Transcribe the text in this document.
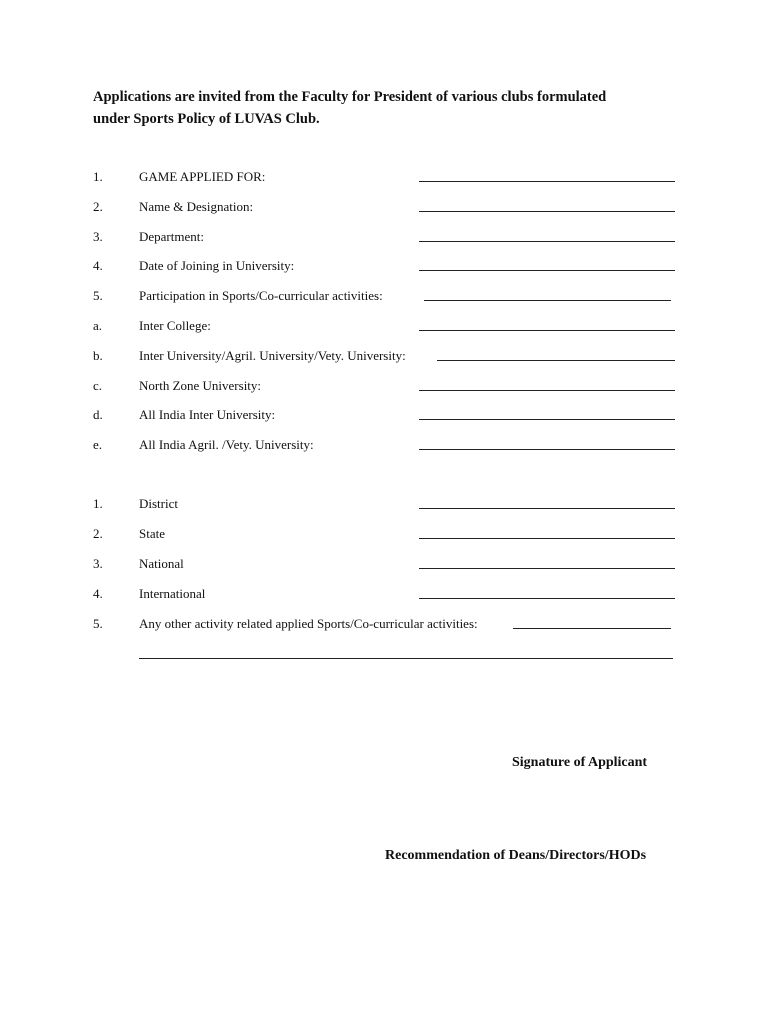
Applications are invited from the Faculty for President of various clubs formulated
under Sports Policy of LUVAS Club.
1.	GAME APPLIED FOR:
2.	Name & Designation:
3.	Department:
4.	Date of Joining in University:
5.	Participation in Sports/Co-curricular activities:
a.	Inter College:
b.	Inter University/Agril. University/Vety. University:
c.	North Zone University:
d.	All India Inter University:
e.	All India Agril. /Vety. University:
1.	District
2.	State
3.	National
4.	International
5.	Any other activity related applied Sports/Co-curricular activities:
Signature of Applicant
Recommendation of Deans/Directors/HODs
